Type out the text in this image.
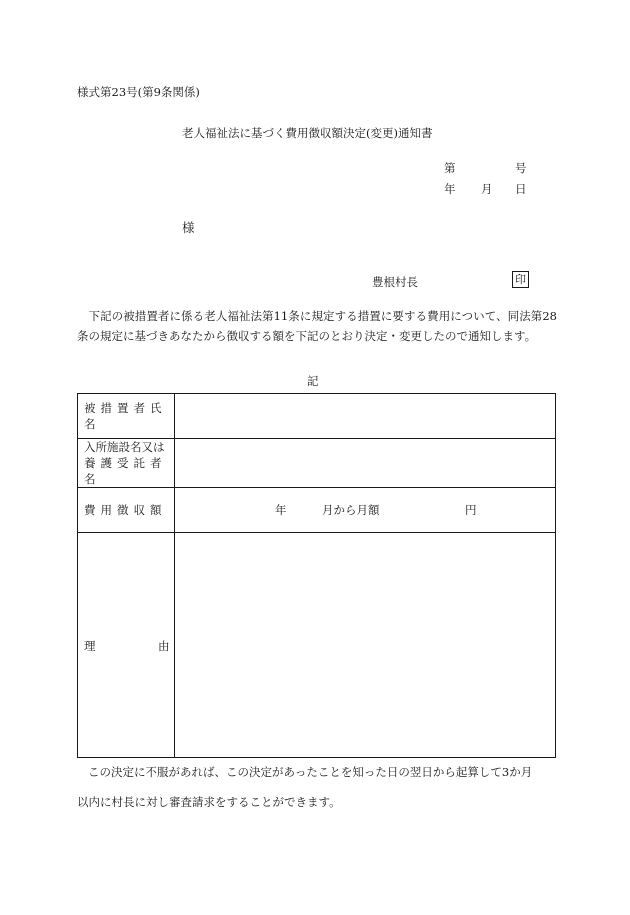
様式第23号(第9条関係)
老人福祉法に基づく費用徴収額決定(変更)通知書
第	号
年 月 日
様
豊根村長	印
下記の被措置者に係る老人福祉法第11条に規定する措置に要する費用について、同法第28条の規定に基づきあなたから徴収する額を下記のとおり決定・変更したので通知します。
記
被措置者氏名	

入所施設名又は
養護受託者名	

費用徴収額	年 月から月額 円

理 由	

この決定に不服があれば、この決定があったことを知った日の翌日から起算して3か月
以内に村長に対し審査請求をすることができます。
